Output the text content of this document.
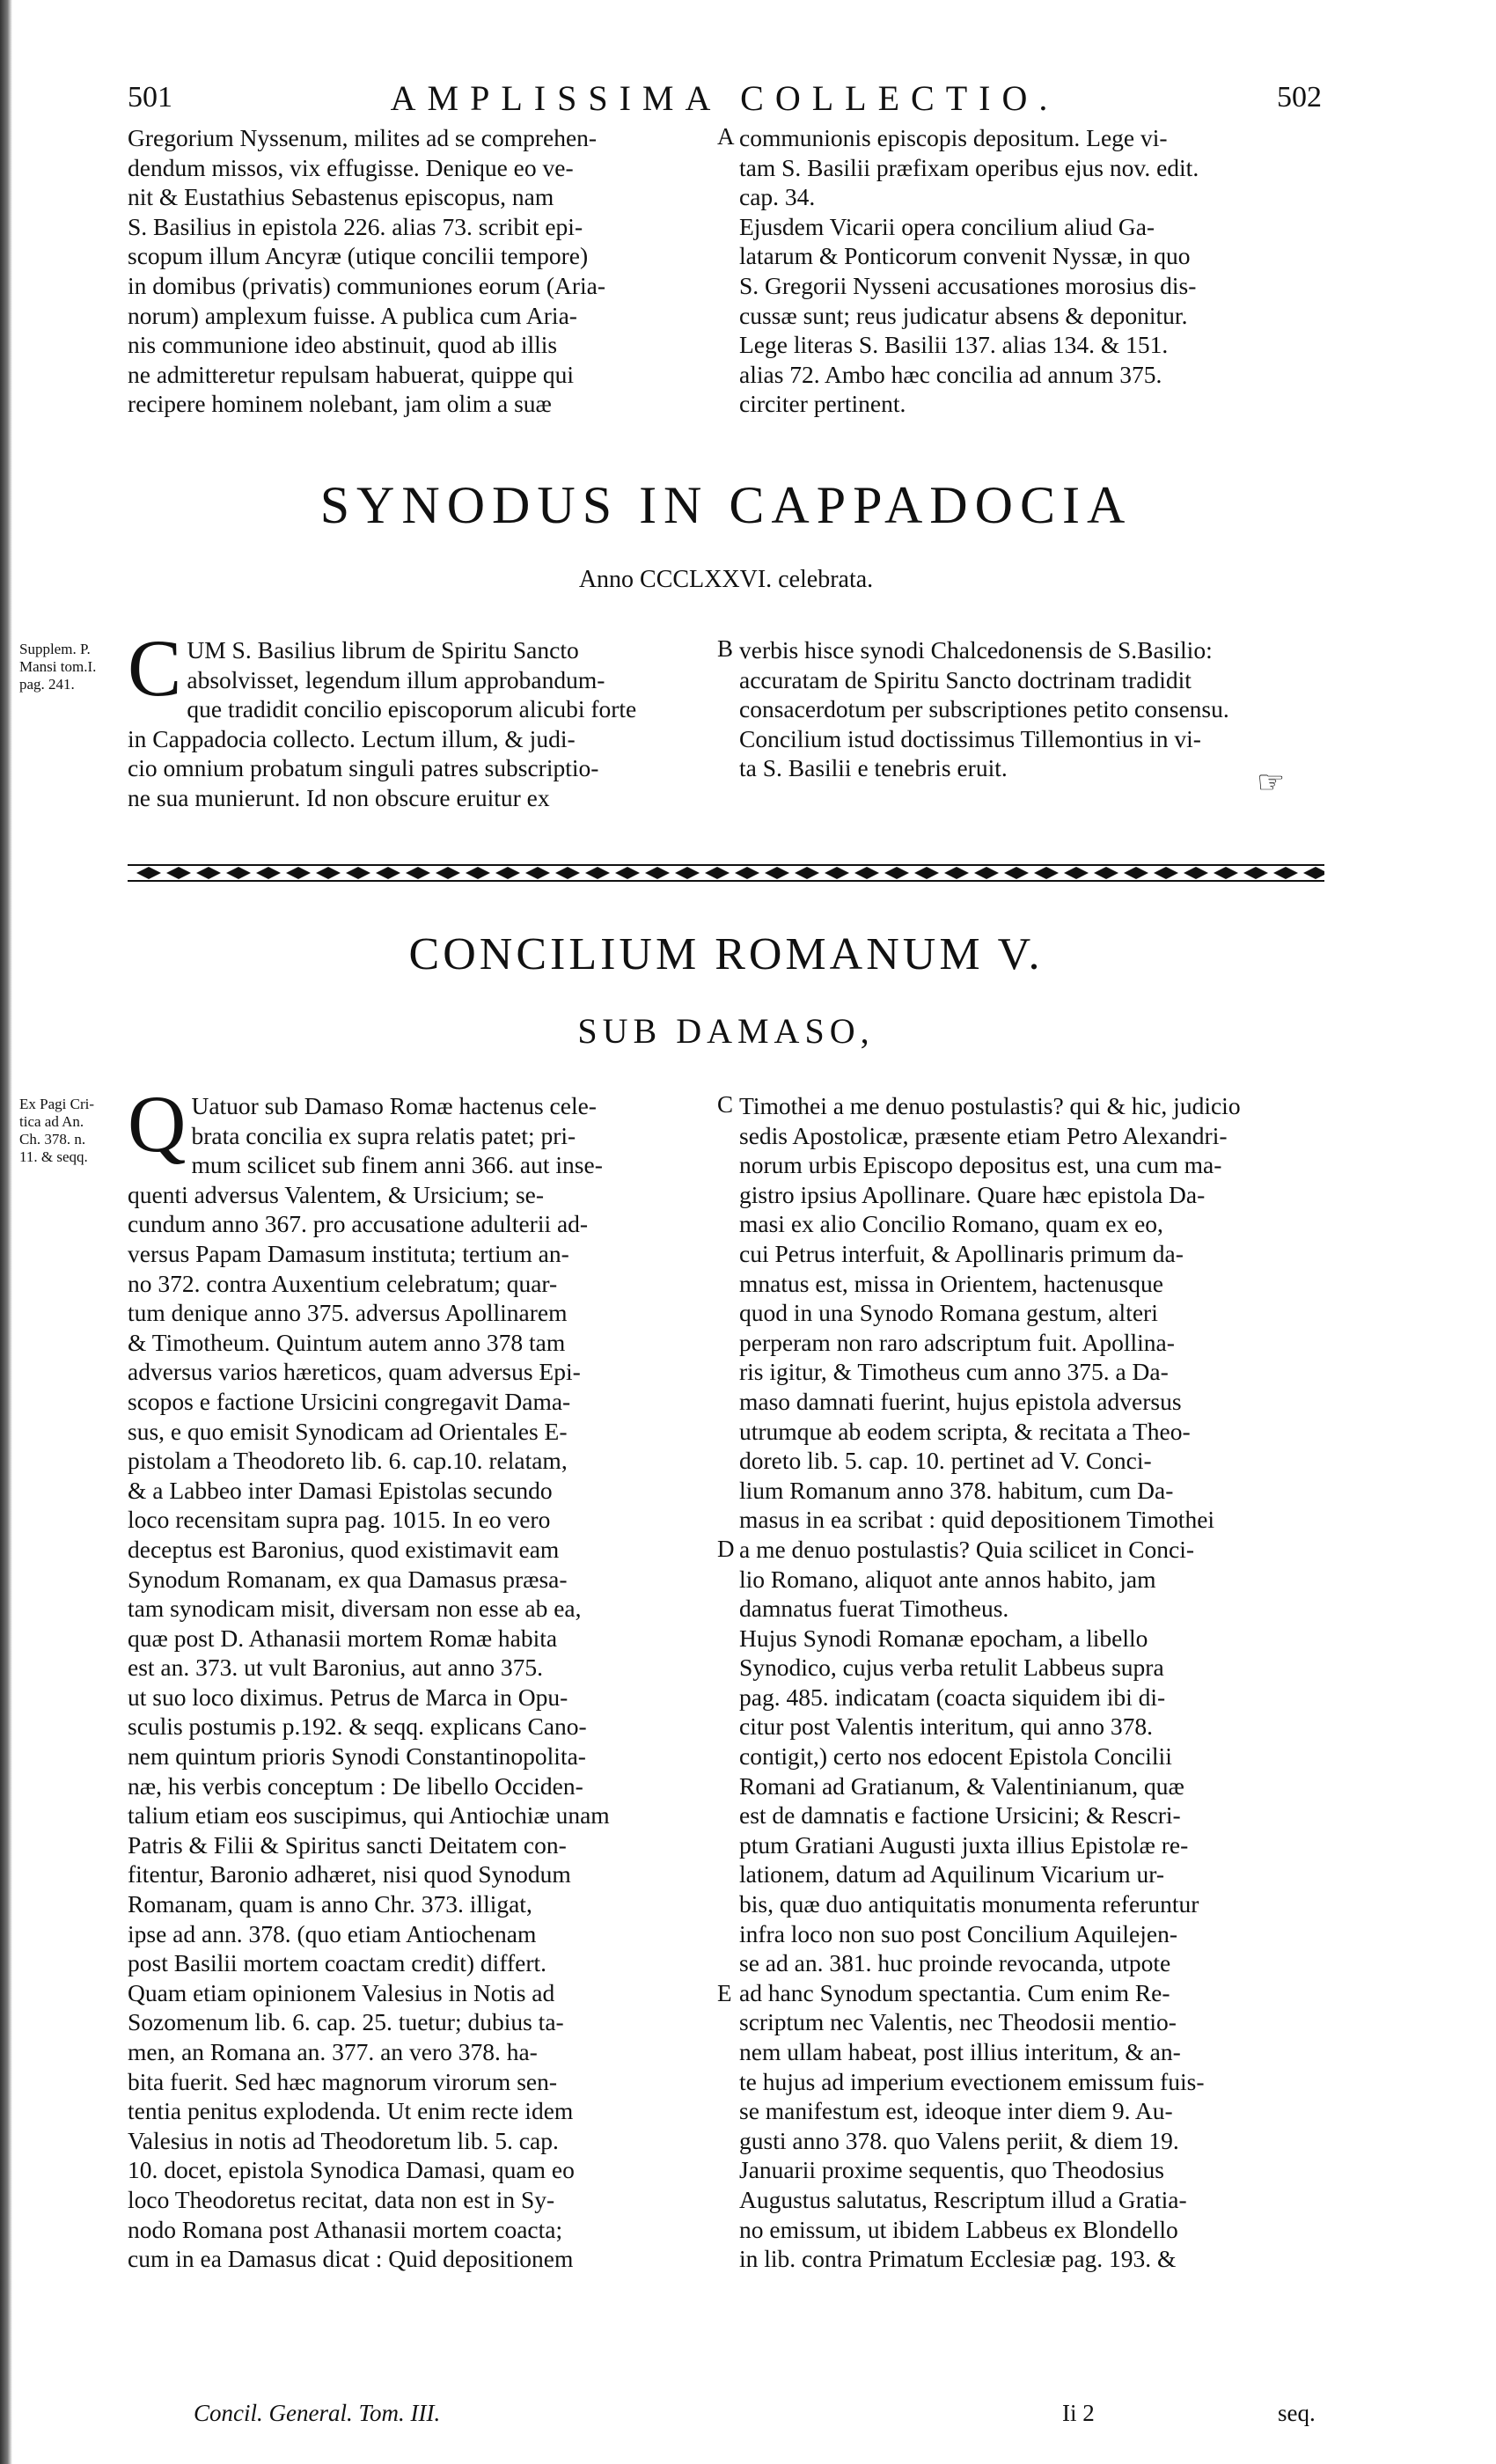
501	AMPLISSIMA COLLECTIO.	502
Gregorium Nyssenum, milites ad se comprehen-
dendum missos, vix effugisse. Denique eo ve-
nit & Eustathius Sebastenus episcopus, nam
S. Basilius in epistola 226. alias 73. scribit epi-
scopum illum Ancyræ (utique concilii tempore)
in domibus (privatis) communiones eorum (Aria-
norum) amplexum fuisse. A publica cum Aria-
nis communione ideo abstinuit, quod ab illis
ne admitteretur repulsam habuerat, quippe qui
recipere hominem nolebant, jam olim a suæ
communionis episcopis depositum. Lege vi-
tam S. Basilii præfixam operibus ejus nov. edit.
cap. 34.
Ejusdem Vicarii opera concilium aliud Ga-
latarum & Ponticorum convenit Nyssæ, in quo
S. Gregorii Nysseni accusationes morosius dis-
cussæ sunt; reus judicatur absens & deponitur.
Lege literas S. Basilii 137. alias 134. & 151.
alias 72. Ambo hæc concilia ad annum 375.
circiter pertinent.
A
SYNODUS IN CAPPADOCIA
Anno CCCLXXVI. celebrata.
Supplem. P.
Mansi tom.I.
pag. 241. C UM S. Basilius librum de Spiritu Sancto
absolvisset, legendum illum approbandum-
que tradidit concilio episcoporum alicubi forte
in Cappadocia collecto. Lectum illum, & judi-
cio omnium probatum singuli patres subscriptio-
ne sua munierunt. Id non obscure eruitur ex
B verbis hisce synodi Chalcedonensis de S.Basilio:
accuratam de Spiritu Sancto doctrinam tradidit
consacerdotum per subscriptiones petito consensu.
Concilium istud doctissimus Tillemontius in vi-
ta S. Basilii e tenebris eruit.	☞
CONCILIUM ROMANUM V.
SUB DAMASO,
Ex Pagi Cri-
tica ad An.
Ch. 378. n.
11. & seqq. Q Uatuor sub Damaso Romæ hactenus cele-
brata concilia ex supra relatis patet; pri-
mum scilicet sub finem anni 366. aut inse-
quenti adversus Valentem, & Ursicium; se-
cundum anno 367. pro accusatione adulterii ad-
versus Papam Damasum instituta; tertium an-
no 372. contra Auxentium celebratum; quar-
tum denique anno 375. adversus Apollinarem
& Timotheum. Quintum autem anno 378 tam
adversus varios hæreticos, quam adversus Epi-
scopos e factione Ursicini congregavit Dama-
sus, e quo emisit Synodicam ad Orientales E-
pistolam a Theodoreto lib. 6. cap.10. relatam,
& a Labbeo inter Damasi Epistolas secundo
loco recensitam supra pag. 1015. In eo vero
deceptus est Baronius, quod existimavit eam
Synodum Romanam, ex qua Damasus præsa-
tam synodicam misit, diversam non esse ab ea,
quæ post D. Athanasii mortem Romæ habita
est an. 373. ut vult Baronius, aut anno 375.
ut suo loco diximus. Petrus de Marca in Opu-
sculis postumis p.192. & seqq. explicans Cano-
nem quintum prioris Synodi Constantinopolita-
næ, his verbis conceptum : De libello Occiden-
talium etiam eos suscipimus, qui Antiochiæ unam
Patris & Filii & Spiritus sancti Deitatem con-
fitentur, Baronio adhæret, nisi quod Synodum
Romanam, quam is anno Chr. 373. illigat,
ipse ad ann. 378. (quo etiam Antiochenam
post Basilii mortem coactam credit) differt.
Quam etiam opinionem Valesius in Notis ad
Sozomenum lib. 6. cap. 25. tuetur; dubius ta-
men, an Romana an. 377. an vero 378. ha-
bita fuerit. Sed hæc magnorum virorum sen-
tentia penitus explodenda. Ut enim recte idem
Valesius in notis ad Theodoretum lib. 5. cap.
10. docet, epistola Synodica Damasi, quam eo
loco Theodoretus recitat, data non est in Sy-
nodo Romana post Athanasii mortem coacta;
cum in ea Damasus dicat : Quid depositionem
Timothei a me denuo postulastis? qui & hic, judicio
sedis Apostolicæ, præsente etiam Petro Alexandri-
norum urbis Episcopo depositus est, una cum ma-
gistro ipsius Apollinare. Quare hæc epistola Da-
masi ex alio Concilio Romano, quam ex eo,
cui Petrus interfuit, & Apollinaris primum da-
mnatus est, missa in Orientem, hactenusque
quod in una Synodo Romana gestum, alteri
perperam non raro adscriptum fuit. Apollina-
ris igitur, & Timotheus cum anno 375. a Da-
maso damnati fuerint, hujus epistola adversus
utrumque ab eodem scripta, & recitata a Theo-
doreto lib. 5. cap. 10. pertinet ad V. Conci-
lium Romanum anno 378. habitum, cum Da-
masus in ea scribat : quid depositionem Timothei
a me denuo postulastis? Quia scilicet in Conci-
lio Romano, aliquot ante annos habito, jam
damnatus fuerat Timotheus.
Hujus Synodi Romanæ epocham, a libello
Synodico, cujus verba retulit Labbeus supra
pag. 485. indicatam (coacta siquidem ibi di-
citur post Valentis interitum, qui anno 378.
contigit,) certo nos edocent Epistola Concilii
Romani ad Gratianum, & Valentinianum, quæ
est de damnatis e factione Ursicini; & Rescri-
ptum Gratiani Augusti juxta illius Epistolæ re-
lationem, datum ad Aquilinum Vicarium ur-
bis, quæ duo antiquitatis monumenta referuntur
infra loco non suo post Concilium Aquilejen-
se ad an. 381. huc proinde revocanda, utpote
ad hanc Synodum spectantia. Cum enim Re-
scriptum nec Valentis, nec Theodosii mentio-
nem ullam habeat, post illius interitum, & an-
te hujus ad imperium evectionem emissum fuis-
se manifestum est, ideoque inter diem 9. Au-
gusti anno 378. quo Valens periit, & diem 19.
Januarii proxime sequentis, quo Theodosius
Augustus salutatus, Rescriptum illud a Gratia-
no emissum, ut ibidem Labbeus ex Blondello
in lib. contra Primatum Ecclesiæ pag. 193. &
C
D
E
Concil. General. Tom. III.	Ii 2	seq.
